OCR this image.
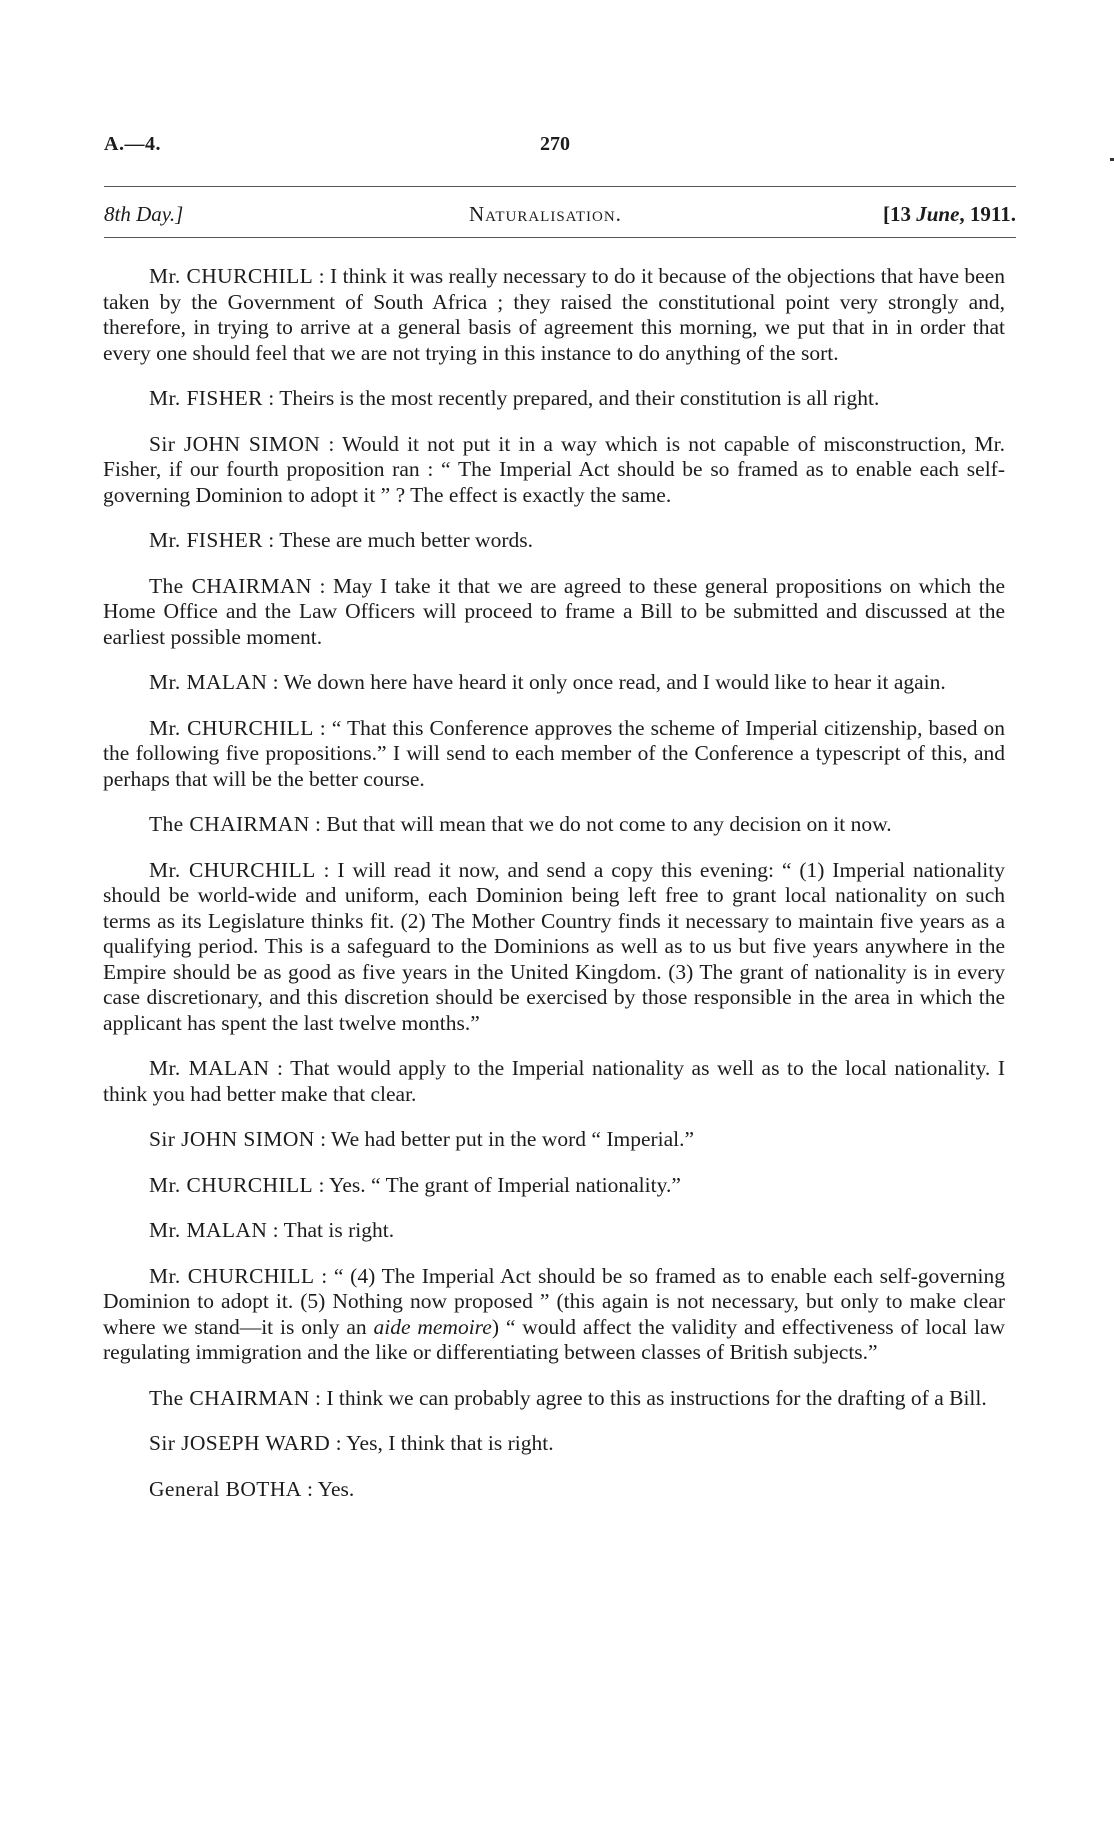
A.—4.	270
8th Day.]	Naturalisation.	[13 June, 1911.

Mr. CHURCHILL : I think it was really necessary to do it because of the objections that have been taken by the Government of South Africa ; they raised the constitutional point very strongly and, therefore, in trying to arrive at a general basis of agreement this morning, we put that in in order that every one should feel that we are not trying in this instance to do anything of the sort.

Mr. FISHER : Theirs is the most recently prepared, and their constitution is all right.

Sir JOHN SIMON : Would it not put it in a way which is not capable of misconstruction, Mr. Fisher, if our fourth proposition ran : “ The Imperial Act should be so framed as to enable each self-governing Dominion to adopt it ” ? The effect is exactly the same.

Mr. FISHER : These are much better words.

The CHAIRMAN : May I take it that we are agreed to these general propositions on which the Home Office and the Law Officers will proceed to frame a Bill to be submitted and discussed at the earliest possible moment.

Mr. MALAN : We down here have heard it only once read, and I would like to hear it again.

Mr. CHURCHILL : “ That this Conference approves the scheme of Imperial citizenship, based on the following five propositions.” I will send to each member of the Conference a typescript of this, and perhaps that will be the better course.

The CHAIRMAN : But that will mean that we do not come to any decision on it now.

Mr. CHURCHILL : I will read it now, and send a copy this evening: “ (1) Imperial nationality should be world-wide and uniform, each Dominion being left free to grant local nationality on such terms as its Legislature thinks fit. (2) The Mother Country finds it necessary to maintain five years as a qualifying period. This is a safeguard to the Dominions as well as to us but five years anywhere in the Empire should be as good as five years in the United Kingdom. (3) The grant of nationality is in every case discretionary, and this discretion should be exercised by those responsible in the area in which the applicant has spent the last twelve months.”

Mr. MALAN : That would apply to the Imperial nationality as well as to the local nationality. I think you had better make that clear.

Sir JOHN SIMON : We had better put in the word “ Imperial.”

Mr. CHURCHILL : Yes. “ The grant of Imperial nationality.”

Mr. MALAN : That is right.

Mr. CHURCHILL : “ (4) The Imperial Act should be so framed as to enable each self-governing Dominion to adopt it. (5) Nothing now proposed ” (this again is not necessary, but only to make clear where we stand—it is only an aide memoire) “ would affect the validity and effectiveness of local law regulating immigration and the like or differentiating between classes of British subjects.”

The CHAIRMAN : I think we can probably agree to this as instructions for the drafting of a Bill.

Sir JOSEPH WARD : Yes, I think that is right.

General BOTHA : Yes.
